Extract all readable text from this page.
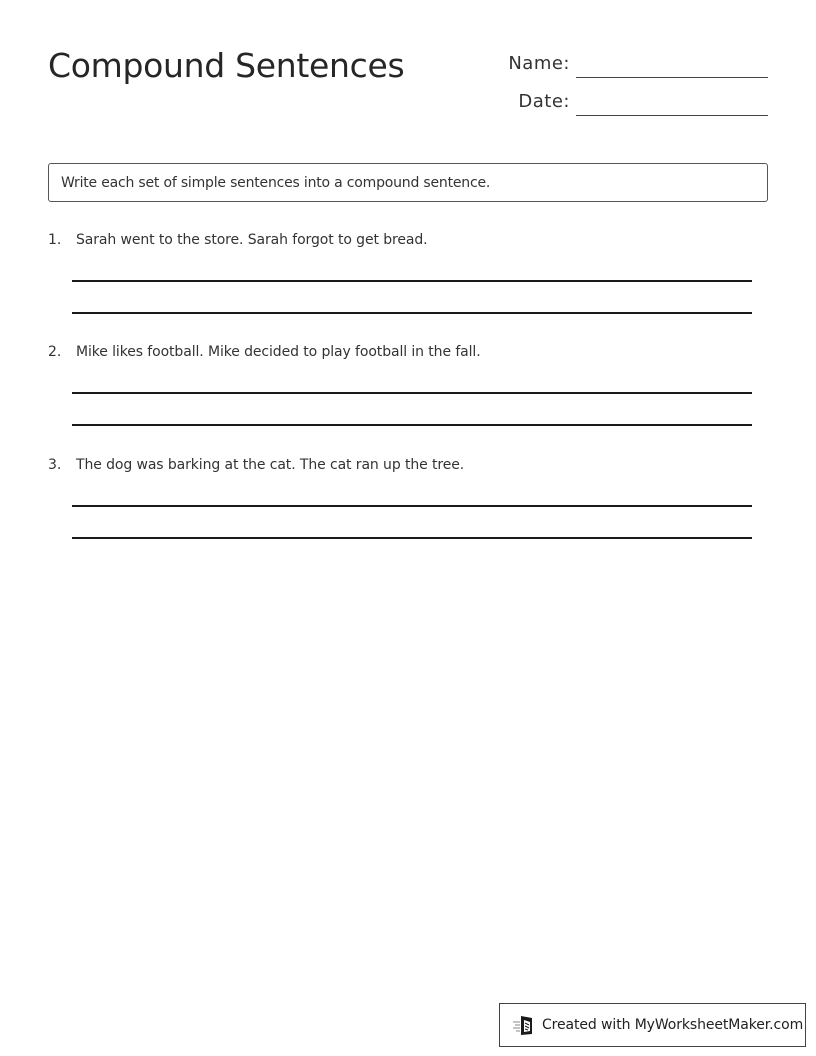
Compound Sentences	Name:
Date:
Write each set of simple sentences into a compound sentence.
1. Sarah went to the store. Sarah forgot to get bread.
2. Mike likes football. Mike decided to play football in the fall.
3. The dog was barking at the cat. The cat ran up the tree.
Created with MyWorksheetMaker.com
